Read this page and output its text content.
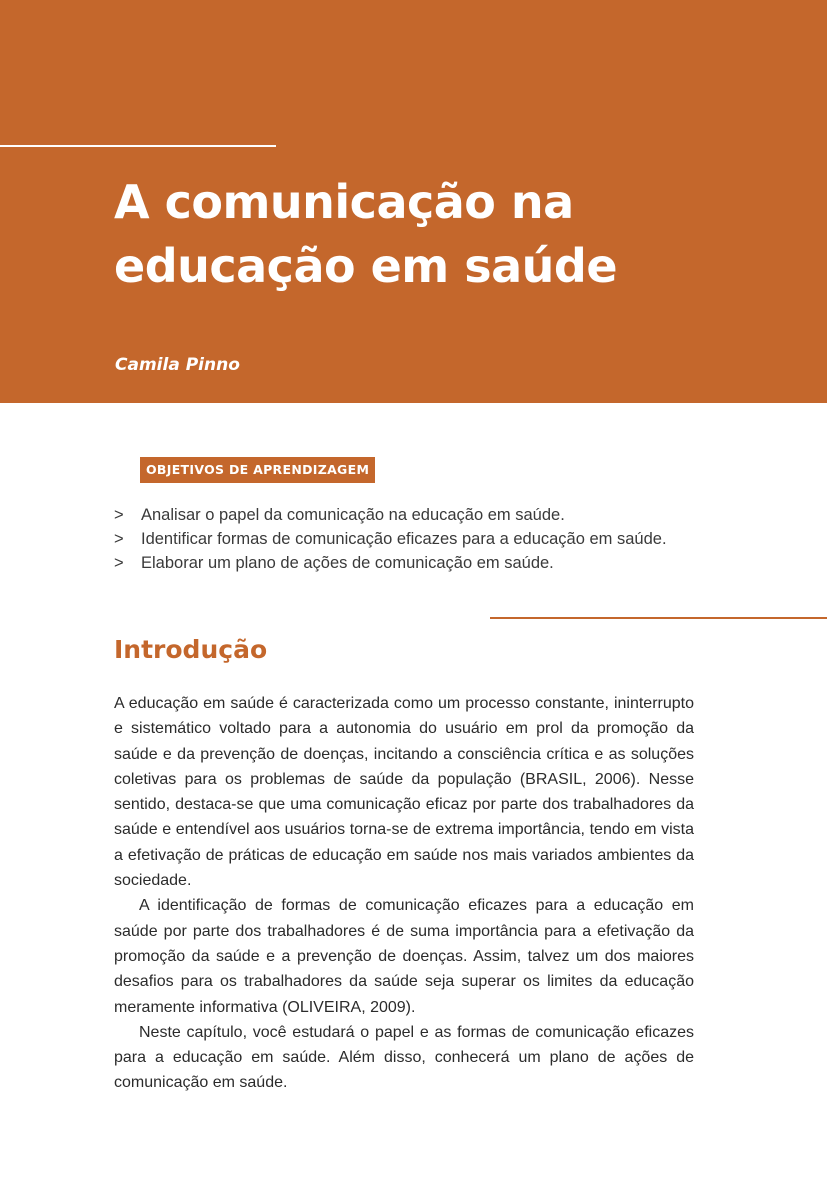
A comunicação na
educação em saúde

Camila Pinno

OBJETIVOS DE APRENDIZAGEM
>	Analisar o papel da comunicação na educação em saúde.
>	Identificar formas de comunicação eficazes para a educação em saúde.
>	Elaborar um plano de ações de comunicação em saúde.
Introdução

A educação em saúde é caracterizada como um processo constante, ininterrupto e sistemático voltado para a autonomia do usuário em prol da promoção da saúde e da prevenção de doenças, incitando a consciência crítica e as soluções coletivas para os problemas de saúde da população (BRASIL, 2006). Nesse sentido, destaca-se que uma comunicação eficaz por parte dos trabalhadores da saúde e entendível aos usuários torna-se de extrema importância, tendo em vista a efetivação de práticas de educação em saúde nos mais variados ambientes da sociedade.

A identificação de formas de comunicação eficazes para a educação em saúde por parte dos trabalhadores é de suma importância para a efetivação da promoção da saúde e a prevenção de doenças. Assim, talvez um dos maiores desafios para os trabalhadores da saúde seja superar os limites da educação meramente informativa (OLIVEIRA, 2009).

Neste capítulo, você estudará o papel e as formas de comunicação eficazes para a educação em saúde. Além disso, conhecerá um plano de ações de comunicação em saúde.
